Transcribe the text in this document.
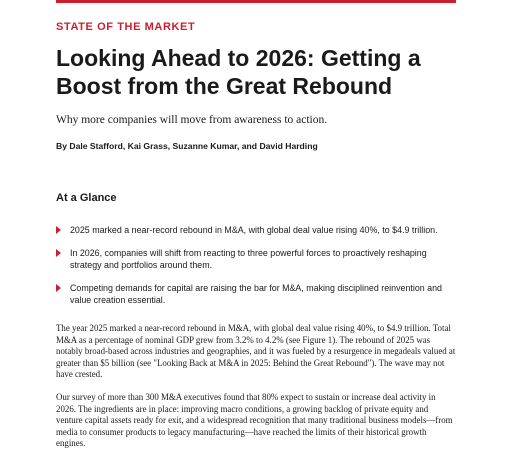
STATE OF THE MARKET
Looking Ahead to 2026: Getting a Boost from the Great Rebound
Why more companies will move from awareness to action.
By Dale Stafford, Kai Grass, Suzanne Kumar, and David Harding
At a Glance
2025 marked a near-record rebound in M&A, with global deal value rising 40%, to $4.9 trillion.
In 2026, companies will shift from reacting to three powerful forces to proactively reshaping strategy and portfolios around them.
Competing demands for capital are raising the bar for M&A, making disciplined reinvention and value creation essential.

The year 2025 marked a near-record rebound in M&A, with global deal value rising 40%, to $4.9 trillion. Total M&A as a percentage of nominal GDP grew from 3.2% to 4.2% (see Figure 1). The rebound of 2025 was notably broad-based across industries and geographies, and it was fueled by a resurgence in megadeals valued at greater than $5 billion (see "Looking Back at M&A in 2025: Behind the Great Rebound"). The wave may not have crested.

Our survey of more than 300 M&A executives found that 80% expect to sustain or increase deal activity in 2026. The ingredients are in place: improving macro conditions, a growing backlog of private equity and venture capital assets ready for exit, and a widespread recognition that many traditional business models—from media to consumer products to legacy manufacturing—have reached the limits of their historical growth engines.
